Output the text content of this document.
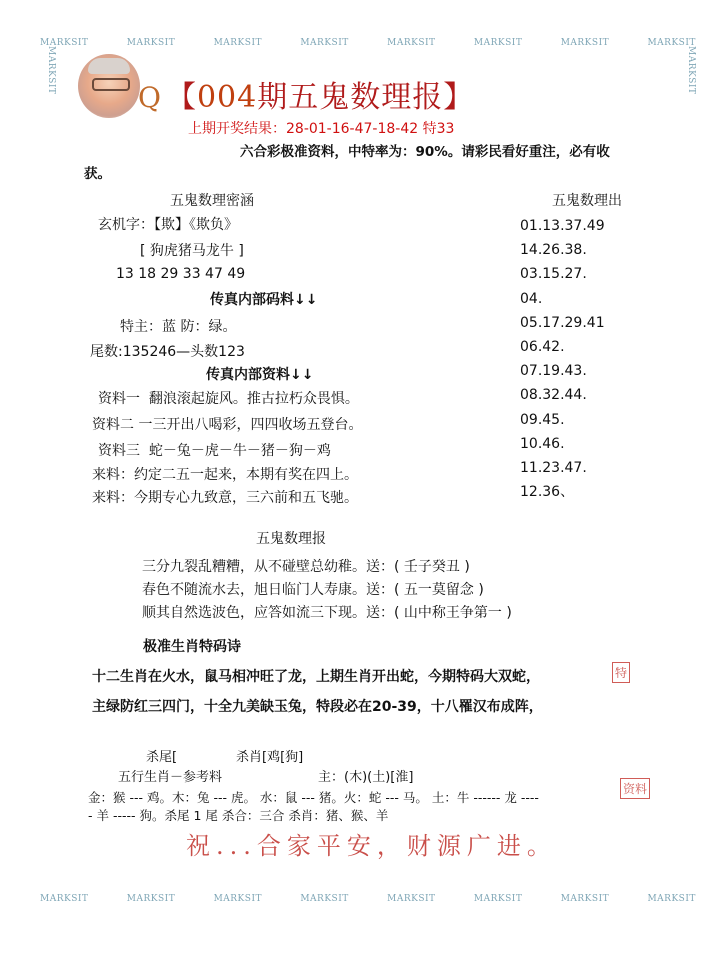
MARKSIT	MARKSIT	MARKSIT	MARKSIT	MARKSIT	MARKSIT	MARKSIT	MARKSIT
MARKSIT	MARKSIT	MARKSIT	MARKSIT	MARKSIT	MARKSIT	MARKSIT	MARKSIT
MARKSIT	MARKSIT
Q 【004期五鬼数理报】
上期开奖结果：28-01-16-47-18-42 特33
六合彩极准资料，中特率为：90%。请彩民看好重注，必有收
获。
五鬼数理密涵
玄机字：【欺】《欺负》
[ 狗虎猪马龙牛 ]
13 18 29 33 47 49
传真内部码料↓↓
特主：蓝 防：绿。
尾数:135246—头数123
传真内部资料↓↓
资料一 翻浪滚起旋风。推古拉朽众畏惧。
资料二 一三开出八喝彩，四四收场五登台。
资料三 蛇－兔－虎－牛－猪－狗－鸡
来料：约定二五一起来，本期有奖在四上。
来料：今期专心九致意，三六前和五飞驰。
五鬼数理出
01.13.37.49
14.26.38.
03.15.27.
04.
05.17.29.41
06.42.
07.19.43.
08.32.44.
09.45.
10.46.
11.23.47.
12.36、
五鬼数理报
三分九裂乱糟糟，从不碰壁总幼稚。送：( 壬子癸丑 )
春色不随流水去，旭日临门人寿康。送：( 五一莫留念 )
顺其自然选波色，应答如流三下现。送：( 山中称王争第一 )
极准生肖特码诗
十二生肖在火水，鼠马相冲旺了龙，上期生肖开出蛇，今期特码大双蛇，
主绿防红三四门，十全九美缺玉兔，特段必在20-39，十八罹汉布成阵，
特
杀尾[	杀肖[鸡[狗]
五行生肖－参考料	主：(木)(土)[淮]
金：猴 --- 鸡。木：兔 --- 虎。 水：鼠 --- 猪。火：蛇 --- 马。 土：牛 ------ 龙 ----
- 羊 ----- 狗。杀尾 1 尾 杀合：三合 杀肖：猪、猴、羊
资料
祝...合家平安，财源广进。
